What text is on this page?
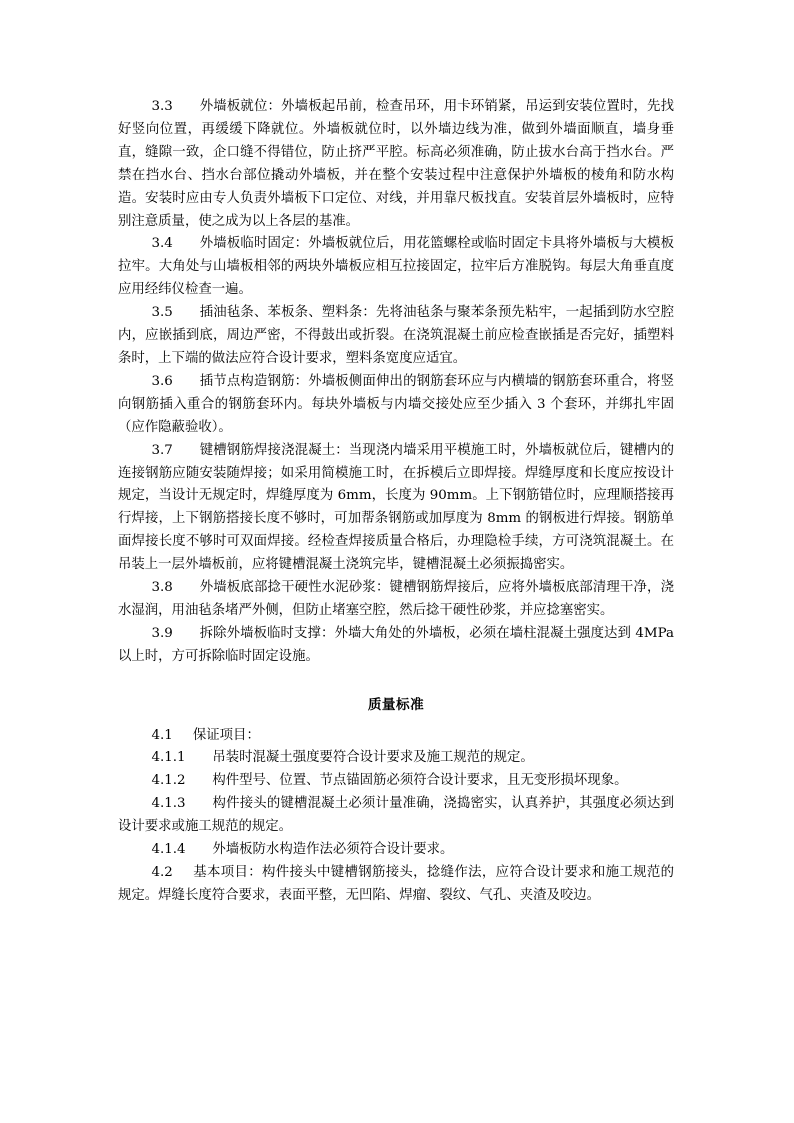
3.3 外墙板就位：外墙板起吊前，检查吊环，用卡环销紧，吊运到安装位置时，先找好竖向位置，再缓缓下降就位。外墙板就位时，以外墙边线为准，做到外墙面顺直，墙身垂直，缝隙一致，企口缝不得错位，防止挤严平腔。标高必须准确，防止拔水台高于挡水台。严禁在挡水台、挡水台部位撬动外墙板，并在整个安装过程中注意保护外墙板的棱角和防水构造。安装时应由专人负责外墙板下口定位、对线，并用靠尺板找直。安装首层外墙板时，应特别注意质量，使之成为以上各层的基准。

3.4 外墙板临时固定：外墙板就位后，用花篮螺栓或临时固定卡具将外墙板与大模板拉牢。大角处与山墙板相邻的两块外墙板应相互拉接固定，拉牢后方准脱钩。每层大角垂直度应用经纬仪检查一遍。

3.5 插油毡条、苯板条、塑料条：先将油毡条与聚苯条预先粘牢，一起插到防水空腔内，应嵌插到底，周边严密，不得鼓出或折裂。在浇筑混凝土前应检查嵌插是否完好，插塑料条时，上下端的做法应符合设计要求，塑料条宽度应适宜。

3.6 插节点构造钢筋：外墙板侧面伸出的钢筋套环应与内横墙的钢筋套环重合，将竖向钢筋插入重合的钢筋套环内。每块外墙板与内墙交接处应至少插入 3 个套环，并绑扎牢固（应作隐蔽验收）。

3.7 键槽钢筋焊接浇混凝土：当现浇内墙采用平模施工时，外墙板就位后，键槽内的连接钢筋应随安装随焊接；如采用简模施工时，在拆模后立即焊接。焊缝厚度和长度应按设计规定，当设计无规定时，焊缝厚度为 6mm，长度为 90mm。上下钢筋错位时，应理顺搭接再行焊接，上下钢筋搭接长度不够时，可加帮条钢筋或加厚度为 8mm 的钢板进行焊接。钢筋单面焊接长度不够时可双面焊接。经检查焊接质量合格后，办理隐检手续，方可浇筑混凝土。在吊装上一层外墙板前，应将键槽混凝土浇筑完毕，键槽混凝土必须振捣密实。

3.8 外墙板底部捻干硬性水泥砂浆：键槽钢筋焊接后，应将外墙板底部清理干净，浇水湿润，用油毡条堵严外侧，但防止堵塞空腔，然后捻干硬性砂浆，并应捻塞密实。

3.9 拆除外墙板临时支撑：外墙大角处的外墙板，必须在墙柱混凝土强度达到 4MPa 以上时，方可拆除临时固定设施。

质量标准

4.1 保证项目：

4.1.1 吊装时混凝土强度要符合设计要求及施工规范的规定。

4.1.2 构件型号、位置、节点锚固筋必须符合设计要求，且无变形损坏现象。

4.1.3 构件接头的键槽混凝土必须计量准确，浇捣密实，认真养护，其强度必须达到设计要求或施工规范的规定。

4.1.4 外墙板防水构造作法必须符合设计要求。

4.2 基本项目：构件接头中键槽钢筋接头，捻缝作法，应符合设计要求和施工规范的规定。焊缝长度符合要求，表面平整，无凹陷、焊瘤、裂纹、气孔、夹渣及咬边。
